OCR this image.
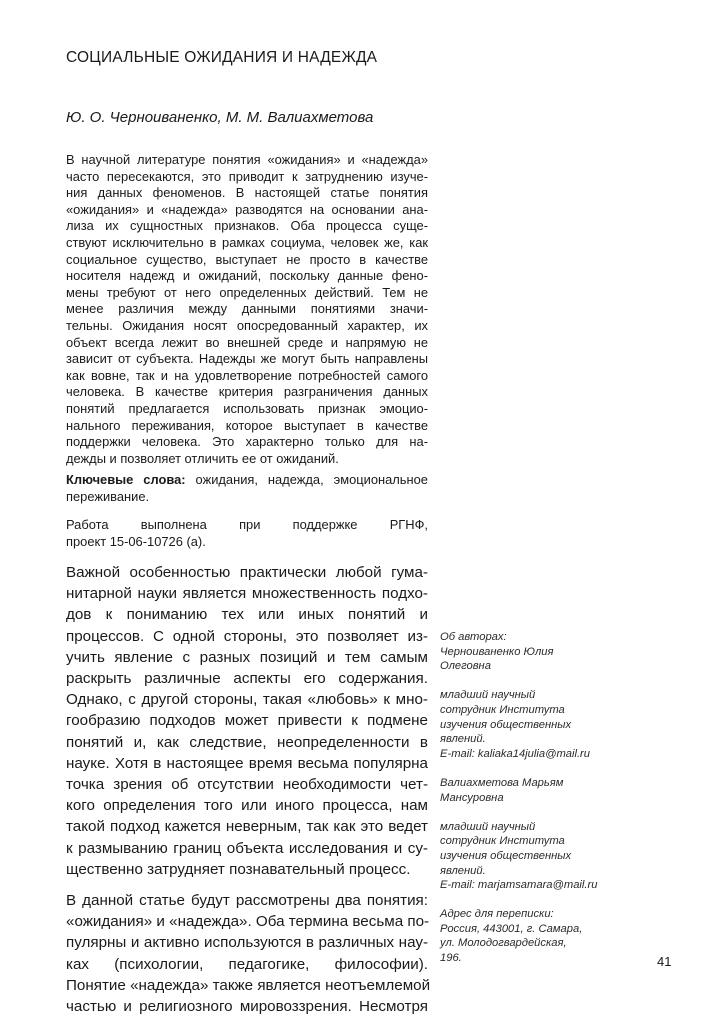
СОЦИАЛЬНЫЕ ОЖИДАНИЯ И НАДЕЖДА
Ю. О. Черноиваненко, М. М. Валиахметова
В научной литературе понятия «ожидания» и «надежда»
часто пересекаются, это приводит к затруднению изуче-
ния данных феноменов. В настоящей статье понятия
«ожидания» и «надежда» разводятся на основании ана-
лиза их сущностных признаков. Оба процесса суще-
ствуют исключительно в рамках социума, человек же, как
социальное существо, выступает не просто в качестве
носителя надежд и ожиданий, поскольку данные фено-
мены требуют от него определенных действий. Тем не
менее различия между данными понятиями значи-
тельны. Ожидания носят опосредованный характер, их
объект всегда лежит во внешней среде и напрямую не
зависит от субъекта. Надежды же могут быть направлены
как вовне, так и на удовлетворение потребностей самого
человека. В качестве критерия разграничения данных
понятий предлагается использовать признак эмоцио-
нального переживания, которое выступает в качестве
поддержки человека. Это характерно только для на-
дежды и позволяет отличить ее от ожиданий.
Ключевые слова: ожидания, надежда, эмоциональное переживание.
Работа выполнена при поддержке РГНФ,
проект 15-06-10726 (а).

Важной особенностью практически любой гума-
нитарной науки является множественность подхо-
дов к пониманию тех или иных понятий и
процессов. С одной стороны, это позволяет из-
учить явление с разных позиций и тем самым
раскрыть различные аспекты его содержания.
Однако, с другой стороны, такая «любовь» к мно-
гообразию подходов может привести к подмене
понятий и, как следствие, неопределенности в
науке. Хотя в настоящее время весьма популярна
точка зрения об отсутствии необходимости чет-
кого определения того или иного процесса, нам
такой подход кажется неверным, так как это ведет
к размыванию границ объекта исследования и су-
щественно затрудняет познавательный процесс.

В данной статье будут рассмотрены два понятия:
«ожидания» и «надежда». Оба термина весьма по-
пулярны и активно используются в различных нау-
ках (психологии, педагогике, философии).
Понятие «надежда» также является неотъемлемой
частью и религиозного мировоззрения. Несмотря

Об авторах:
Черноиваненко Юлия
Олеговна
младший научный
сотрудник Института
изучения общественных
явлений.
E-mail: kaliaka14julia@mail.ru
Валиахметова Марьям
Мансуровна
младший научный
сотрудник Института
изучения общественных
явлений.
E-mail: marjamsamara@mail.ru
Адрес для переписки:
Россия, 443001, г. Самара,
ул. Молодогвардейская,
196.	41
